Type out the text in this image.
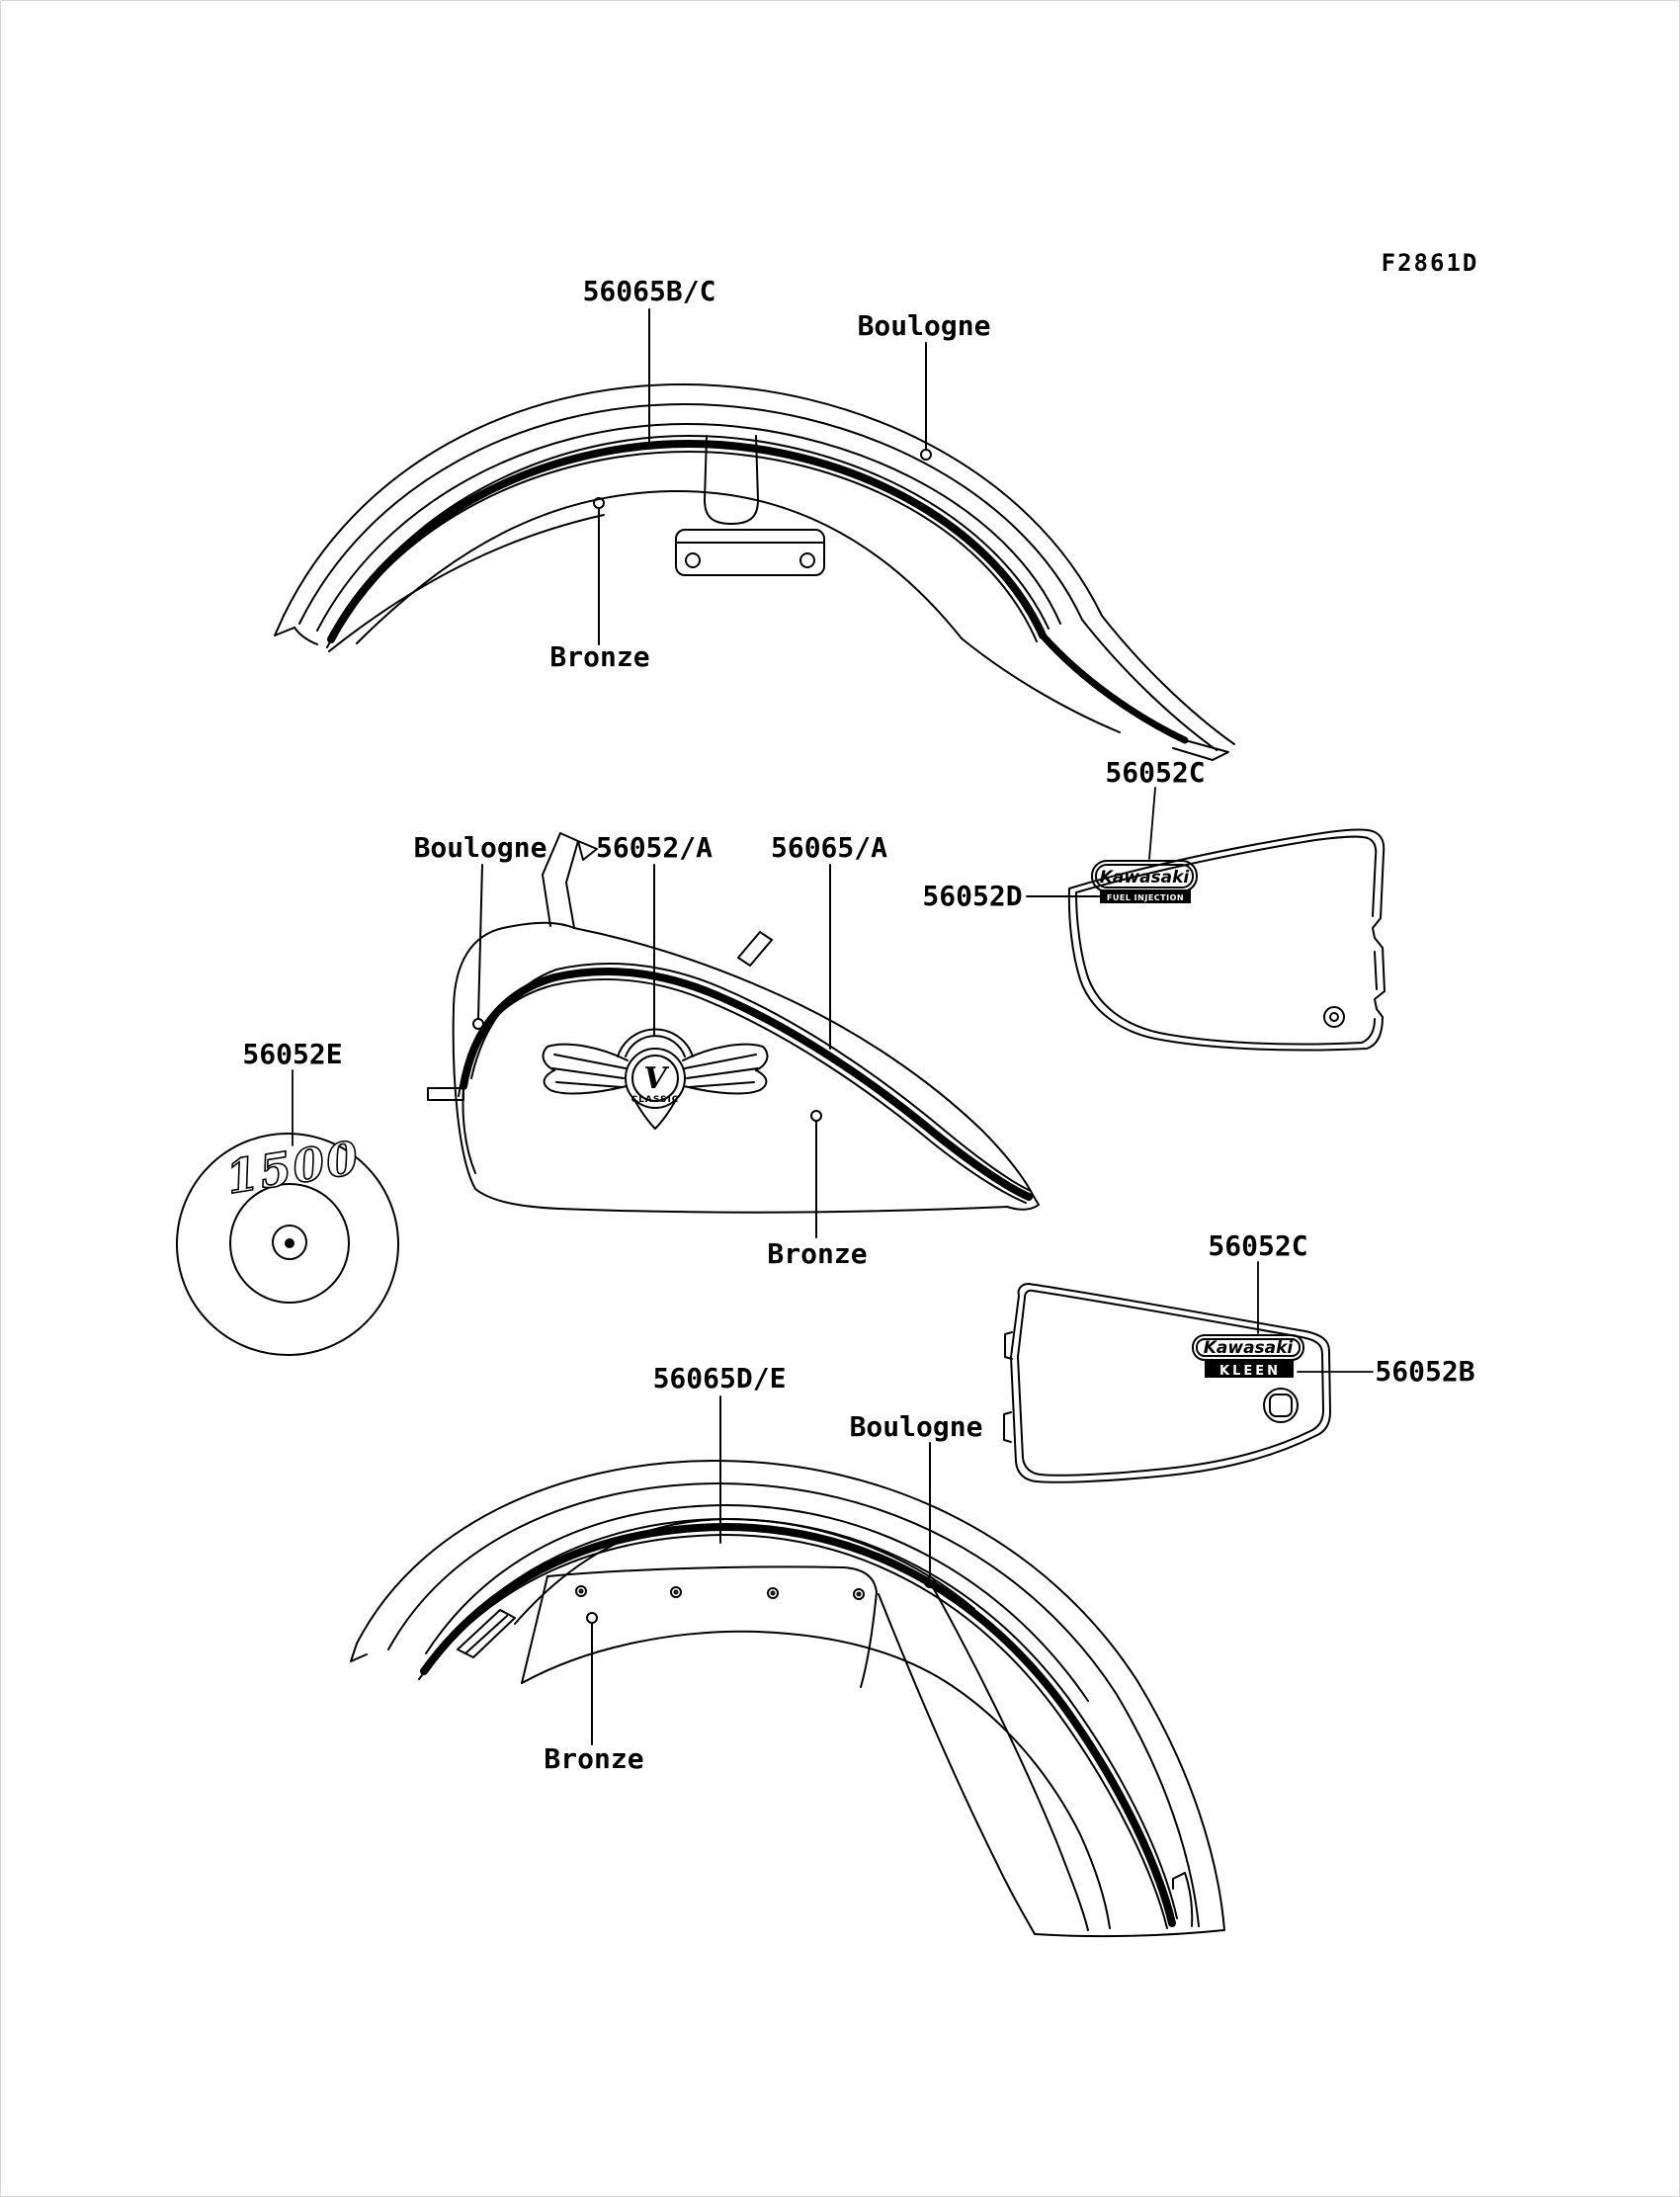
F2861D
56065B/C
Boulogne
Bronze
V
CLASSIC
Boulogne 56052/A 56065/A
56052D
Bronze
1500
56052E
Kawasaki
FUEL INJECTION
56052C
Kawasaki
KLEEN
56052C
56052B
56065D/E
Boulogne
Bronze
